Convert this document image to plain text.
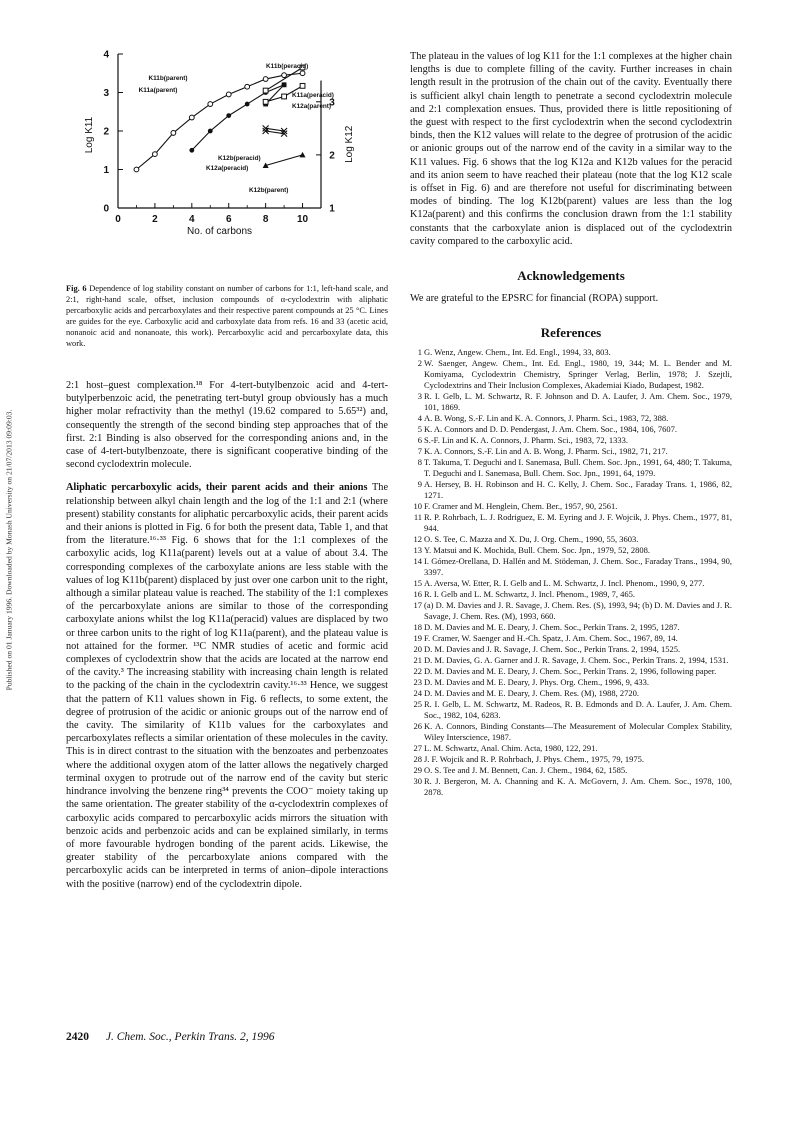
Published on 01 January 1996. Downloaded by Monash University on 21/07/2013 09:09:03.
0
1
2
3
4
Log K11
1
2
3
Log K12
0	2	4	6	8	10
No. of carbons
K11b(parent)
K11a(parent)
K11b(peracid)
K11a(peracid)
K12a(parent)
K12b(peracid)
K12a(peracid)
K12b(parent)
Fig. 6 Dependence of log stability constant on number of carbons for 1:1, left-hand scale, and 2:1, right-hand scale, offset, inclusion compounds of α-cyclodextrin with aliphatic percarboxylic acids and percarboxylates and their respective parent compounds at 25 °C. Lines are guides for the eye. Carboxylic acid and carboxylate data from refs. 16 and 33 (acetic acid, nonanoic acid and nonanoate, this work). Percarboxylic acid and percarboxylate data, this work.

2:1 host–guest complexation.¹⁸ For 4-tert-butylbenzoic acid and 4-tert-butylperbenzoic acid, the penetrating tert-butyl group obviously has a much higher molar refractivity than the methyl (19.62 compared to 5.65³²) and, consequently the strength of the second binding step approaches that of the first. 2:1 Binding is also observed for the corresponding anions and, in the case of 4-tert-butylbenzoate, there is significant cooperative binding of the second cyclodextrin molecule.

Aliphatic percarboxylic acids, their parent acids and their anions The relationship between alkyl chain length and the log of the 1:1 and 2:1 (where present) stability constants for aliphatic percarboxylic acids, their parent acids and their anions is plotted in Fig. 6 for both the present data, Table 1, and that from the literature.¹⁶·³³ Fig. 6 shows that for the 1:1 complexes of the carboxylic acids, log K11a(parent) levels out at a value of about 3.4. The corresponding complexes of the carboxylate anions are less stable with the values of log K11b(parent) displaced by just over one carbon unit to the right, although a similar plateau value is reached. The stability of the 1:1 complexes of the percarboxylate anions are similar to those of the corresponding carboxylate anions whilst the log K11a(peracid) values are displaced by two or three carbon units to the right of log K11a(parent), and the plateau value is not attained for the former. ¹³C NMR studies of acetic and formic acid complexes of cyclodextrin show that the acids are located at the narrow end of the cavity.³ The increasing stability with increasing chain length is related to the packing of the chain in the cyclodextrin cavity.¹⁶·³³ Hence, we suggest that the pattern of K11 values shown in Fig. 6 reflects, to some extent, the degree of protrusion of the acidic or anionic groups out of the narrow end of the cavity. The similarity of K11b values for the carboxylates and percarboxylates reflects a similar orientation of these molecules in the cavity. This is in direct contrast to the situation with the benzoates and perbenzoates where the additional oxygen atom of the latter allows the negatively charged terminal oxygen to protrude out of the narrow end of the cavity but steric hindrance involving the benzene ring³⁴ prevents the COO⁻ moiety taking up the same orientation. The greater stability of the α-cyclodextrin complexes of carboxylic acids compared to percarboxylic acids mirrors the situation with benzoic acids and perbenzoic acids and can be explained similarly, in terms of more favourable hydrogen bonding of the parent acids. Likewise, the greater stability of the percarboxylate anions compared with the percarboxylic acids can be interpreted in terms of anion–dipole interactions with the positive (narrow) end of the cyclodextrin dipole.

The plateau in the values of log K11 for the 1:1 complexes at the higher chain lengths is due to complete filling of the cavity. Further increases in chain length result in the protrusion of the chain out of the cavity. Eventually there is sufficient alkyl chain length to penetrate a second cyclodextrin molecule and 2:1 complexation ensues. Thus, provided there is little repositioning of the guest with respect to the first cyclodextrin when the second cyclodextrin binds, then the K12 values will relate to the degree of protrusion of the acidic or anionic groups out of the narrow end of the cavity in a similar way to the K11 values. Fig. 6 shows that the log K12a and K12b values for the peracid and its anion seem to have reached their plateau (note that the log K12 scale is offset in Fig. 6) and are therefore not useful for discriminating between modes of binding. The log K12b(parent) values are less than the log K12a(parent) and this confirms the conclusion drawn from the 1:1 stability constants that the carboxylate anion is displaced out of the cyclodextrin cavity compared to the carboxylic acid.

Acknowledgements

We are grateful to the EPSRC for financial (ROPA) support.

References
1 G. Wenz, Angew. Chem., Int. Ed. Engl., 1994, 33, 803.
2 W. Saenger, Angew. Chem., Int. Ed. Engl., 1980, 19, 344; M. L. Bender and M. Komiyama, Cyclodextrin Chemistry, Springer Verlag, Berlin, 1978; J. Szejtli, Cyclodextrins and Their Inclusion Complexes, Akademiai Kiado, Budapest, 1982.
3 R. I. Gelb, L. M. Schwartz, R. F. Johnson and D. A. Laufer, J. Am. Chem. Soc., 1979, 101, 1869.
4 A. B. Wong, S.-F. Lin and K. A. Connors, J. Pharm. Sci., 1983, 72, 388.
5 K. A. Connors and D. D. Pendergast, J. Am. Chem. Soc., 1984, 106, 7607.
6 S.-F. Lin and K. A. Connors, J. Pharm. Sci., 1983, 72, 1333.
7 K. A. Connors, S.-F. Lin and A. B. Wong, J. Pharm. Sci., 1982, 71, 217.
8 T. Takuma, T. Deguchi and I. Sanemasa, Bull. Chem. Soc. Jpn., 1991, 64, 480; T. Takuma, T. Deguchi and I. Sanemasa, Bull. Chem. Soc. Jpn., 1991, 64, 1979.
9 A. Hersey, B. H. Robinson and H. C. Kelly, J. Chem. Soc., Faraday Trans. 1, 1986, 82, 1271.
10 F. Cramer and M. Henglein, Chem. Ber., 1957, 90, 2561.
11 R. P. Rohrbach, L. J. Rodriguez, E. M. Eyring and J. F. Wojcik, J. Phys. Chem., 1977, 81, 944.
12 O. S. Tee, C. Mazza and X. Du, J. Org. Chem., 1990, 55, 3603.
13 Y. Matsui and K. Mochida, Bull. Chem. Soc. Jpn., 1979, 52, 2808.
14 I. Gómez-Orellana, D. Hallén and M. Stödeman, J. Chem. Soc., Faraday Trans., 1994, 90, 3397.
15 A. Aversa, W. Etter, R. I. Gelb and L. M. Schwartz, J. Incl. Phenom., 1990, 9, 277.
16 R. I. Gelb and L. M. Schwartz, J. Incl. Phenom., 1989, 7, 465.
17 (a) D. M. Davies and J. R. Savage, J. Chem. Res. (S), 1993, 94; (b) D. M. Davies and J. R. Savage, J. Chem. Res. (M), 1993, 660.
18 D. M. Davies and M. E. Deary, J. Chem. Soc., Perkin Trans. 2, 1995, 1287.
19 F. Cramer, W. Saenger and H.-Ch. Spatz, J. Am. Chem. Soc., 1967, 89, 14.
20 D. M. Davies and J. R. Savage, J. Chem. Soc., Perkin Trans. 2, 1994, 1525.
21 D. M. Davies, G. A. Garner and J. R. Savage, J. Chem. Soc., Perkin Trans. 2, 1994, 1531.
22 D. M. Davies and M. E. Deary, J. Chem. Soc., Perkin Trans. 2, 1996, following paper.
23 D. M. Davies and M. E. Deary, J. Phys. Org. Chem., 1996, 9, 433.
24 D. M. Davies and M. E. Deary, J. Chem. Res. (M), 1988, 2720.
25 R. I. Gelb, L. M. Schwartz, M. Radeos, R. B. Edmonds and D. A. Laufer, J. Am. Chem. Soc., 1982, 104, 6283.
26 K. A. Connors, Binding Constants—The Measurement of Molecular Complex Stability, Wiley Interscience, 1987.
27 L. M. Schwartz, Anal. Chim. Acta, 1980, 122, 291.
28 J. F. Wojcik and R. P. Rohrbach, J. Phys. Chem., 1975, 79, 1975.
29 O. S. Tee and J. M. Bennett, Can. J. Chem., 1984, 62, 1585.
30 R. J. Bergeron, M. A. Channing and K. A. McGovern, J. Am. Chem. Soc., 1978, 100, 2878.
2420 J. Chem. Soc., Perkin Trans. 2, 1996
